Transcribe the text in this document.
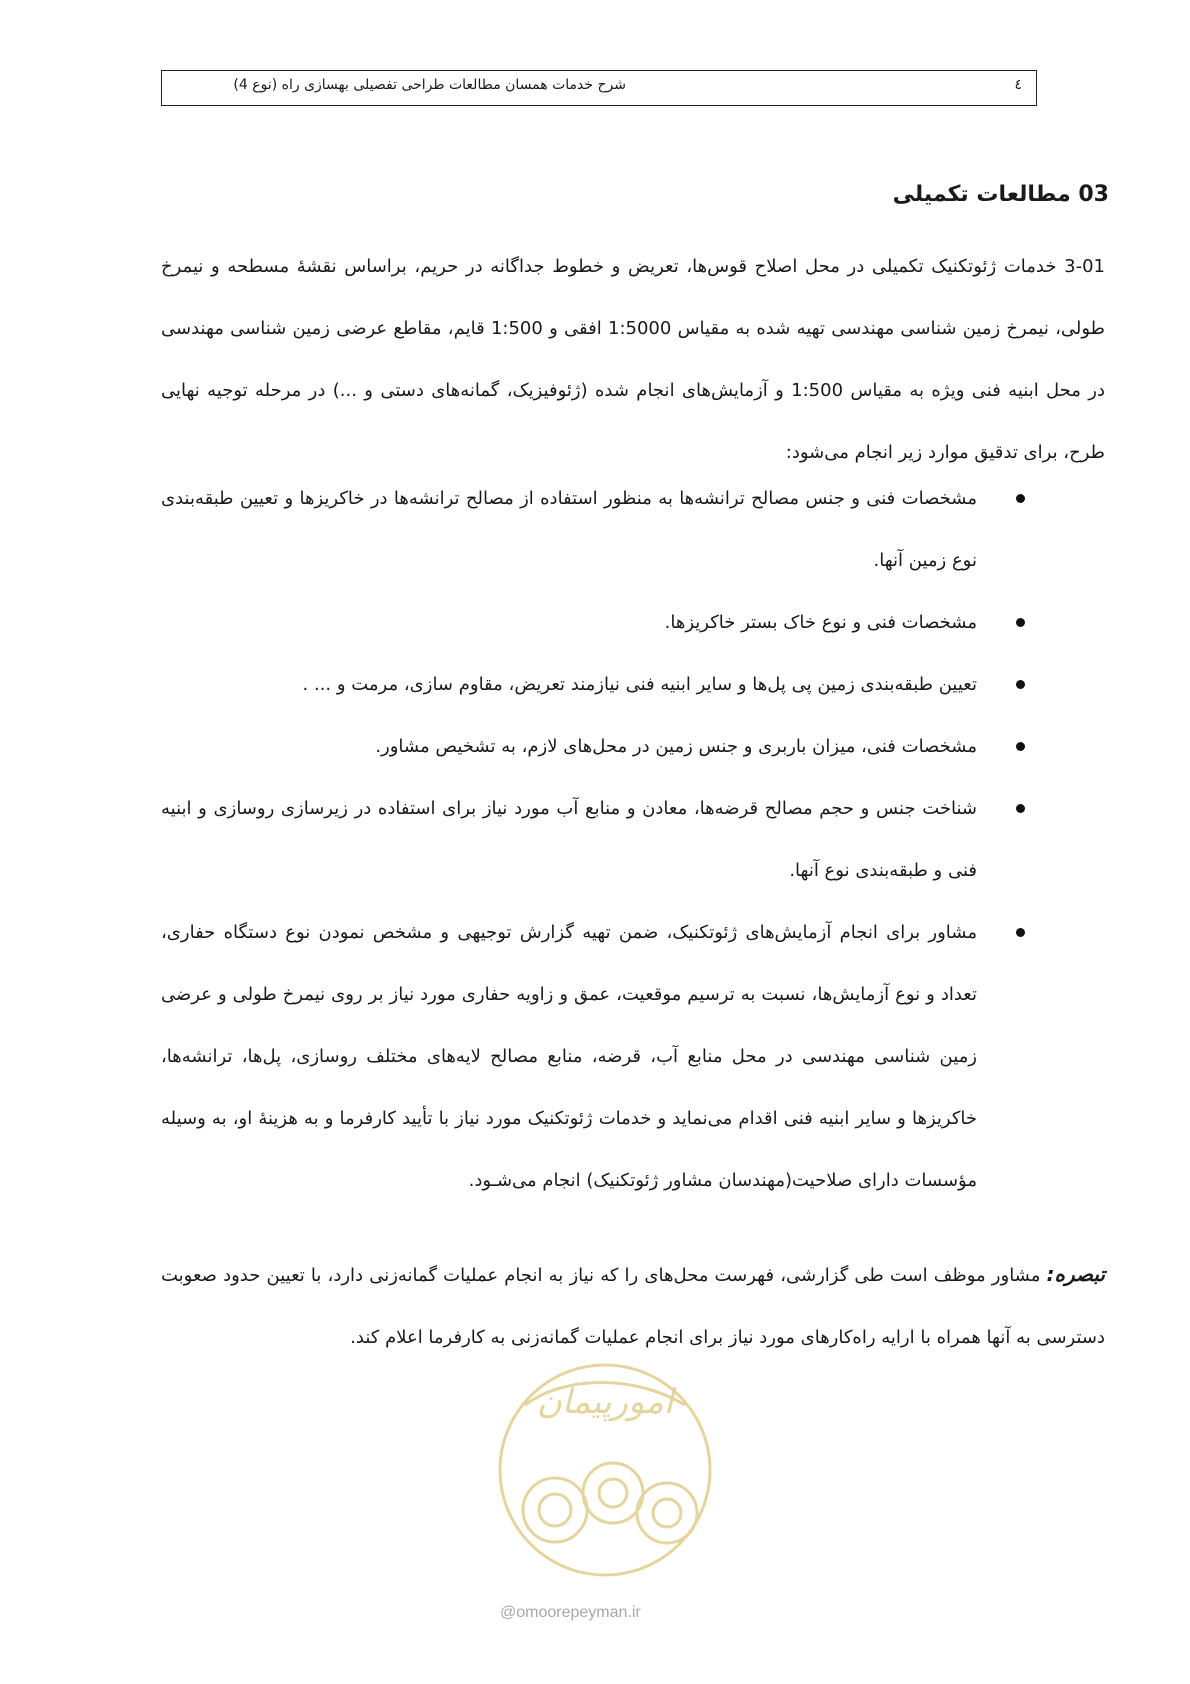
شرح خدمات همسان مطالعات طراحی تفصیلی بهسازی راه (نوع 4)	٤
03 مطالعات تکمیلی

3-01 خدمات ژئوتکنیک تکمیلی در محل اصلاح قوس‌ها، تعریض و خطوط جداگانه در حریم، براساس نقشهٔ مسطحه و نیمرخ طولی، نیمرخ زمین شناسی مهندسی تهیه شده به مقیاس 1:5000 افقی و 1:500 قایم، مقاطع عرضی زمین شناسی مهندسی در محل ابنیه فنی ویژه به مقیاس 1:500 و آزمایش‌های انجام شده (ژئوفیزیک، گمانه‌های دستی و ...) در مرحله توجیه نهایی طرح، برای تدقیق موارد زیر انجام می‌شود:

مشخصات فنی و جنس مصالح ترانشه‌ها به منظور استفاده از مصالح ترانشه‌ها در خاکریزها و تعیین طبقه‌بندی نوع زمین آنها.
مشخصات فنی و نوع خاک بستر خاکریزها.
تعیین طبقه‌بندی زمین پی پل‌ها و سایر ابنیه فنی نیازمند تعریض، مقاوم سازی، مرمت و ... .
مشخصات فنی، میزان باربری و جنس زمین در محل‌های لازم، به تشخیص مشاور.
شناخت جنس و حجم مصالح قرضه‌ها، معادن و منابع آب مورد نیاز برای استفاده در زیرسازی روسازی و ابنیه فنی و طبقه‌بندی نوع آنها.
مشاور برای انجام آزمایش‌های ژئوتکنیک، ضمن تهیه گزارش توجیهی و مشخص نمودن نوع دستگاه حفاری، تعداد و نوع آزمایش‌ها، نسبت به ترسیم موقعیت، عمق و زاویه حفاری مورد نیاز بر روی نیمرخ طولی و عرضی زمین شناسی مهندسی در محل منابع آب، قرضه، منابع مصالح لایه‌های مختلف روسازی، پل‌ها، ترانشه‌ها، خاکریزها و سایر ابنیه فنی اقدام می‌نماید و خدمات ژئوتکنیک مورد نیاز با تأیید کارفرما و به هزینهٔ او، به وسیله مؤسسات دارای صلاحیت(مهندسان مشاور ژئوتکنیک) انجام می‌شـود.

تبصره: مشاور موظف است طی گزارشی، فهرست محل‌های را که نیاز به انجام عملیات گمانه‌زنی دارد، با تعیین حدود صعوبت دسترسی به آنها همراه با ارایه راه‌کارهای مورد نیاز برای انجام عملیات گمانه‌زنی به کارفرما اعلام کند.

امورپیمان
@omoorepeyman.ir
